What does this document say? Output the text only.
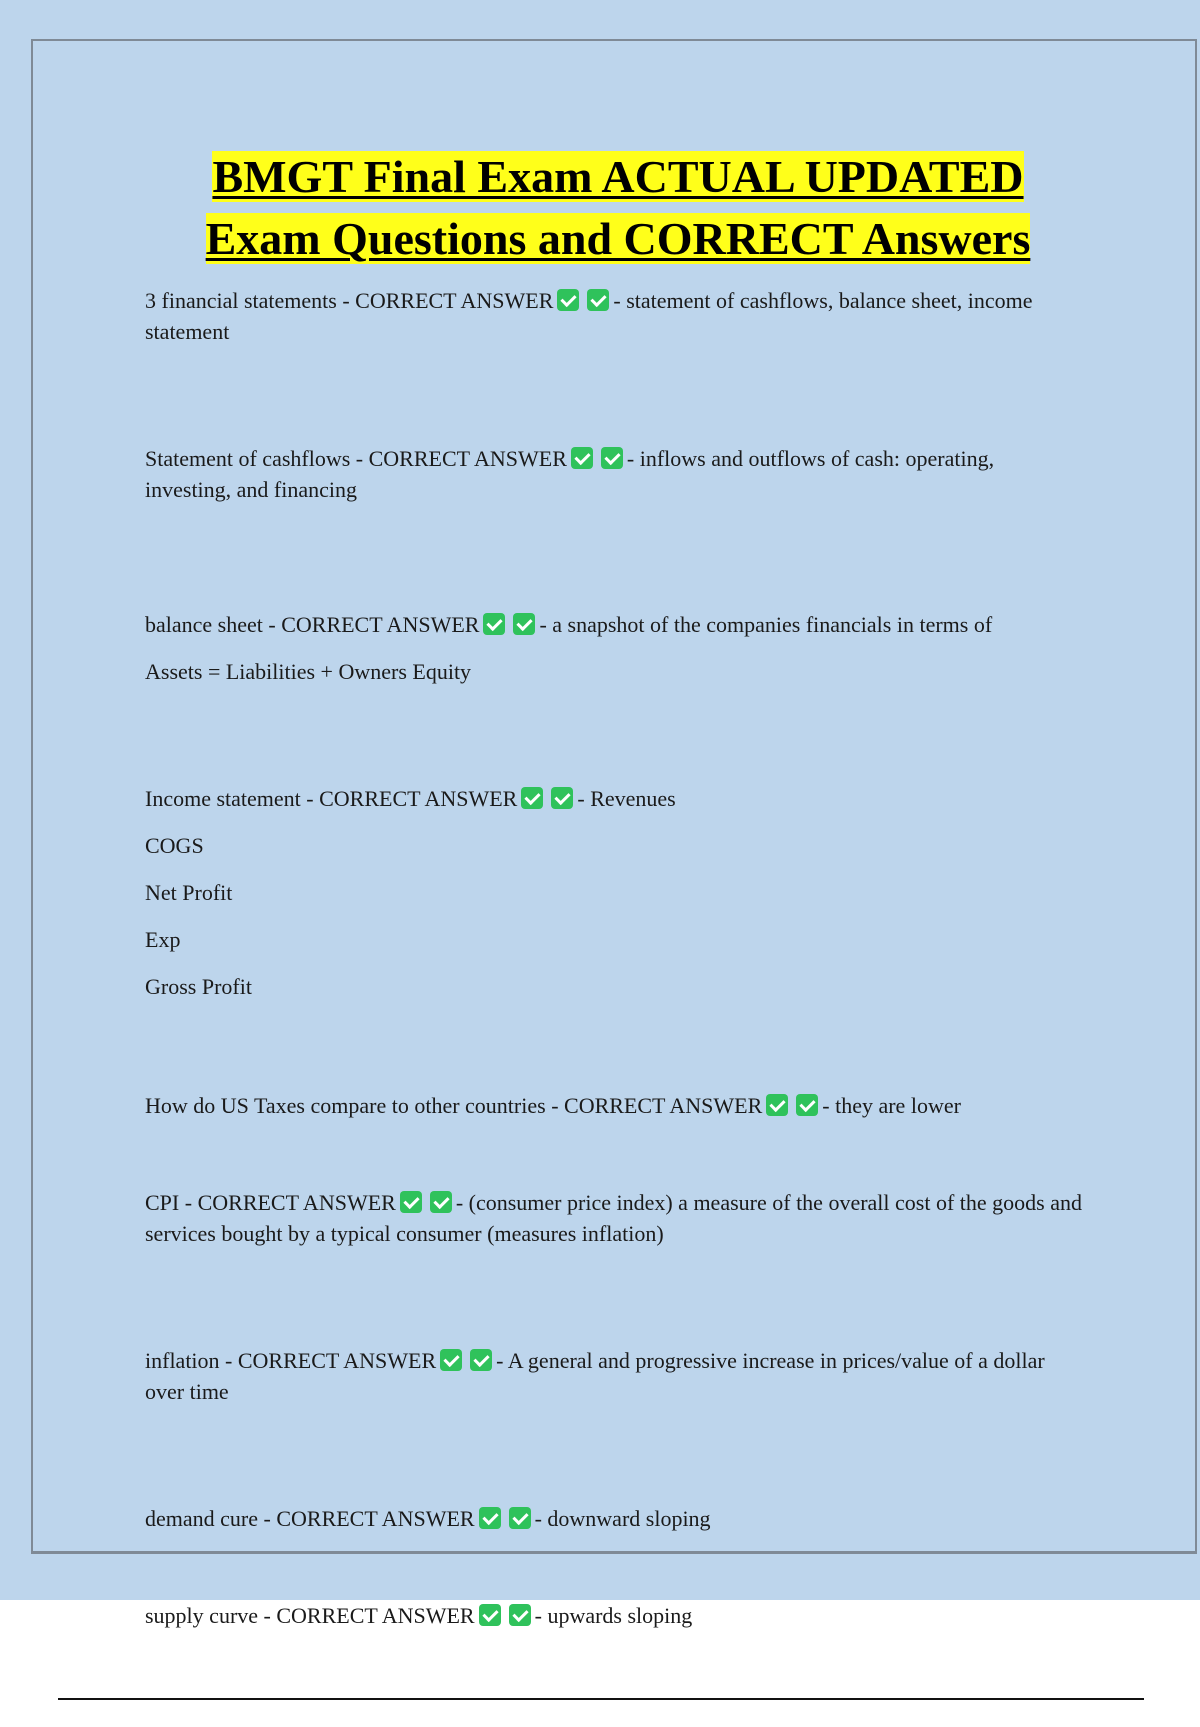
BMGT Final Exam ACTUAL UPDATED
Exam Questions and CORRECT Answers

3 financial statements - CORRECT ANSWER	- statement of cashflows, balance sheet, income statement

Statement of cashflows - CORRECT ANSWER	- inflows and outflows of cash: operating, investing, and financing

balance sheet - CORRECT ANSWER	- a snapshot of the companies financials in terms of

Assets = Liabilities + Owners Equity

Income statement - CORRECT ANSWER	- Revenues

COGS

Net Profit

Exp

Gross Profit

How do US Taxes compare to other countries - CORRECT ANSWER	- they are lower

CPI - CORRECT ANSWER	- (consumer price index) a measure of the overall cost of the goods and services bought by a typical consumer (measures inflation)

inflation - CORRECT ANSWER	- A general and progressive increase in prices/value of a dollar over time

demand cure - CORRECT ANSWER	- downward sloping

supply curve - CORRECT ANSWER	- upwards sloping
